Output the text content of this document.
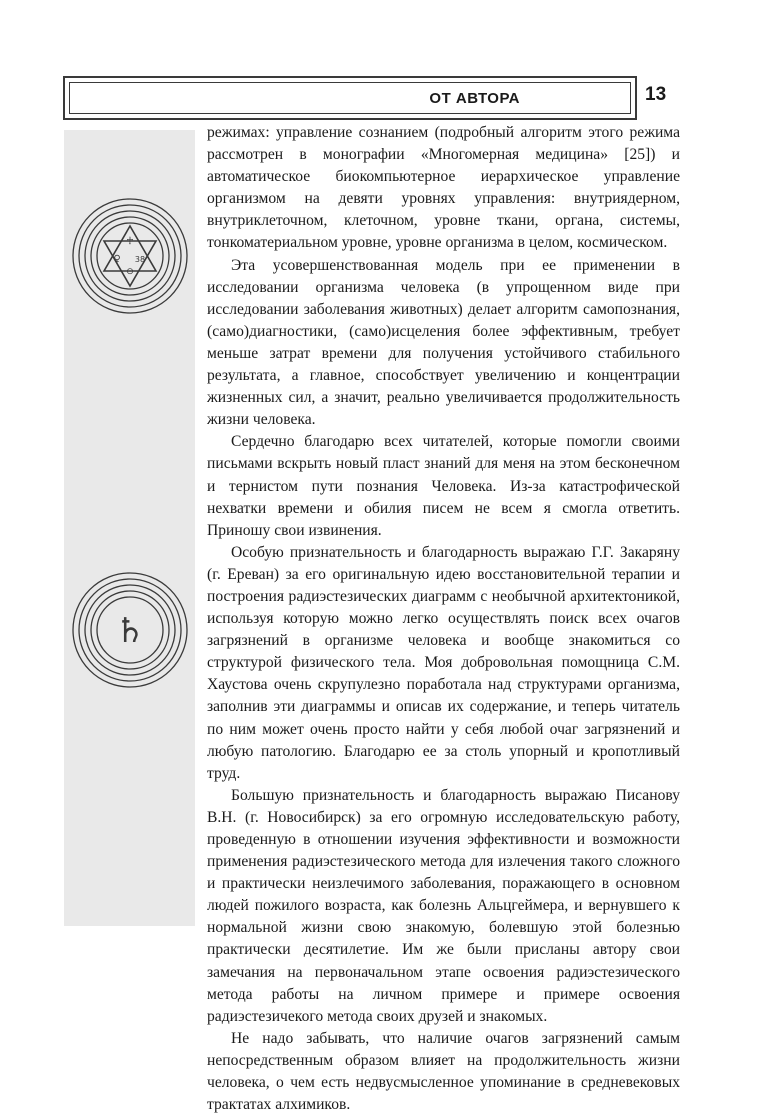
ОТ АВТОРА	13
☥
♀ 38
⊙
♄

режимах: управление сознанием (подробный алгоритм этого режима рассмотрен в монографии «Многомерная медицина» [25]) и автоматическое биокомпьютерное иерархическое управление организмом на девяти уровнях управления: внутриядерном, внутриклеточном, клеточном, уровне ткани, органа, системы, тонкоматериальном уровне, уровне организма в целом, космическом.

Эта усовершенствованная модель при ее применении в исследовании организма человека (в упрощенном виде при исследовании заболевания животных) делает алгоритм самопознания, (само)диагностики, (само)исцеления более эффективным, требует меньше затрат времени для получения устойчивого стабильного результата, а главное, способствует увеличению и концентрации жизненных сил, а значит, реально увеличивается продолжительность жизни человека.

Сердечно благодарю всех читателей, которые помогли своими письмами вскрыть новый пласт знаний для меня на этом бесконечном и тернистом пути познания Человека. Из-за катастрофической нехватки времени и обилия писем не всем я смогла ответить. Приношу свои извинения.

Особую признательность и благодарность выражаю Г.Г. Закаряну (г. Ереван) за его оригинальную идею восстановительной терапии и построения радиэстезических диаграмм с необычной архитектоникой, используя которую можно легко осуществлять поиск всех очагов загрязнений в организме человека и вообще знакомиться со структурой физического тела. Моя добровольная помощница С.М. Хаустова очень скрупулезно поработала над структурами организма, заполнив эти диаграммы и описав их содержание, и теперь читатель по ним может очень просто найти у себя любой очаг загрязнений и любую патологию. Благодарю ее за столь упорный и кропотливый труд.

Большую признательность и благодарность выражаю Писанову В.Н. (г. Новосибирск) за его огромную исследовательскую работу, проведенную в отношении изучения эффективности и возможности применения радиэстезического метода для излечения такого сложного и практически неизлечимого заболевания, поражающего в основном людей пожилого возраста, как болезнь Альцгеймера, и вернувшего к нормальной жизни свою знакомую, болевшую этой болезнью практически десятилетие. Им же были присланы автору свои замечания на первоначальном этапе освоения радиэстезического метода работы на личном примере и примере освоения радиэстезичекого метода своих друзей и знакомых.

Не надо забывать, что наличие очагов загрязнений самым непосредственным образом влияет на продолжительность жизни человека, о чем есть недвусмысленное упоминание в средневековых трактатах алхимиков.
